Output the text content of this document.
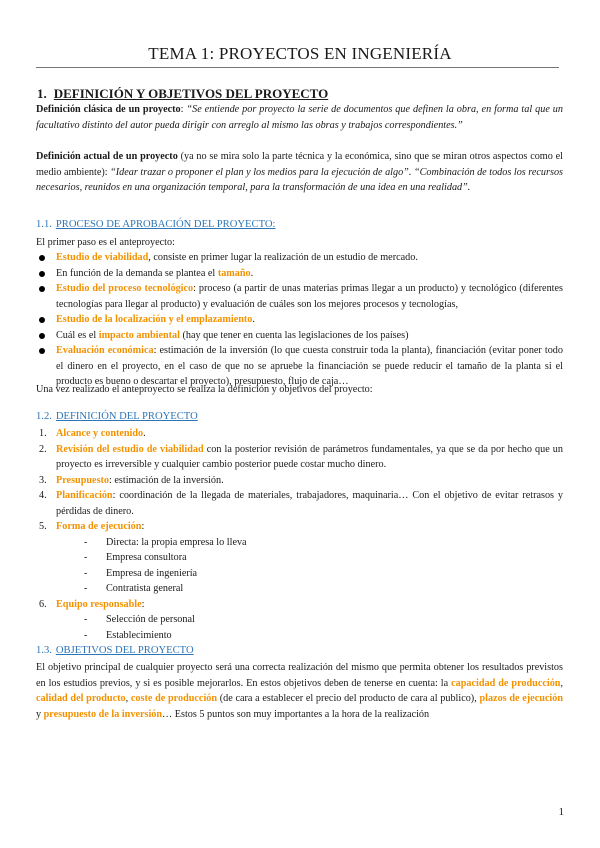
TEMA 1: PROYECTOS EN INGENIERÍA
1. DEFINICIÓN Y OBJETIVOS DEL PROYECTO

Definición clásica de un proyecto: “Se entiende por proyecto la serie de documentos que definen la obra, en forma tal que un facultativo distinto del autor pueda dirigir con arreglo al mismo las obras y trabajos correspondientes.”

Definición actual de un proyecto (ya no se mira solo la parte técnica y la económica, sino que se miran otros aspectos como el medio ambiente): “Idear trazar o proponer el plan y los medios para la ejecución de algo”. “Combinación de todos los recursos necesarios, reunidos en una organización temporal, para la transformación de una idea en una realidad”.

1.1. PROCESO DE APROBACIÓN DEL PROYECTO:

El primer paso es el anteproyecto:

Estudio de viabilidad, consiste en primer lugar la realización de un estudio de mercado.
En función de la demanda se plantea el tamaño.
Estudio del proceso tecnológico: proceso (a partir de unas materias primas llegar a un producto) y tecnológico (diferentes tecnologías para llegar al producto) y evaluación de cuáles son los mejores procesos y tecnologías,
Estudio de la localización y el emplazamiento.
Cuál es el impacto ambiental (hay que tener en cuenta las legislaciones de los países)
Evaluación económica: estimación de la inversión (lo que cuesta construir toda la planta), financiación (evitar poner todo el dinero en el proyecto, en el caso de que no se apruebe la financiación se puede reducir el tamaño de la planta si el producto es bueno o descartar el proyecto), presupuesto, flujo de caja…

Una vez realizado el anteproyecto se realiza la definición y objetivos del proyecto:

1.2. DEFINICIÓN DEL PROYECTO
1. Alcance y contenido.
2. Revisión del estudio de viabilidad con la posterior revisión de parámetros fundamentales, ya que se da por hecho que un proyecto es irreversible y cualquier cambio posterior puede costar mucho dinero.
3. Presupuesto: estimación de la inversión.
4. Planificación: coordinación de la llegada de materiales, trabajadores, maquinaria… Con el objetivo de evitar retrasos y pérdidas de dinero.
5. Forma de ejecución:
- Directa: la propia empresa lo lleva
- Empresa consultora
- Empresa de ingeniería
- Contratista general
6. Equipo responsable:
- Selección de personal
- Establecimiento
1.3. OBJETIVOS DEL PROYECTO

El objetivo principal de cualquier proyecto será una correcta realización del mismo que permita obtener los resultados previstos en los estudios previos, y si es posible mejorarlos. En estos objetivos deben de tenerse en cuenta: la capacidad de producción, calidad del producto, coste de producción (de cara a establecer el precio del producto de cara al publico), plazos de ejecución y presupuesto de la inversión… Estos 5 puntos son muy importantes a la hora de la realización

1
